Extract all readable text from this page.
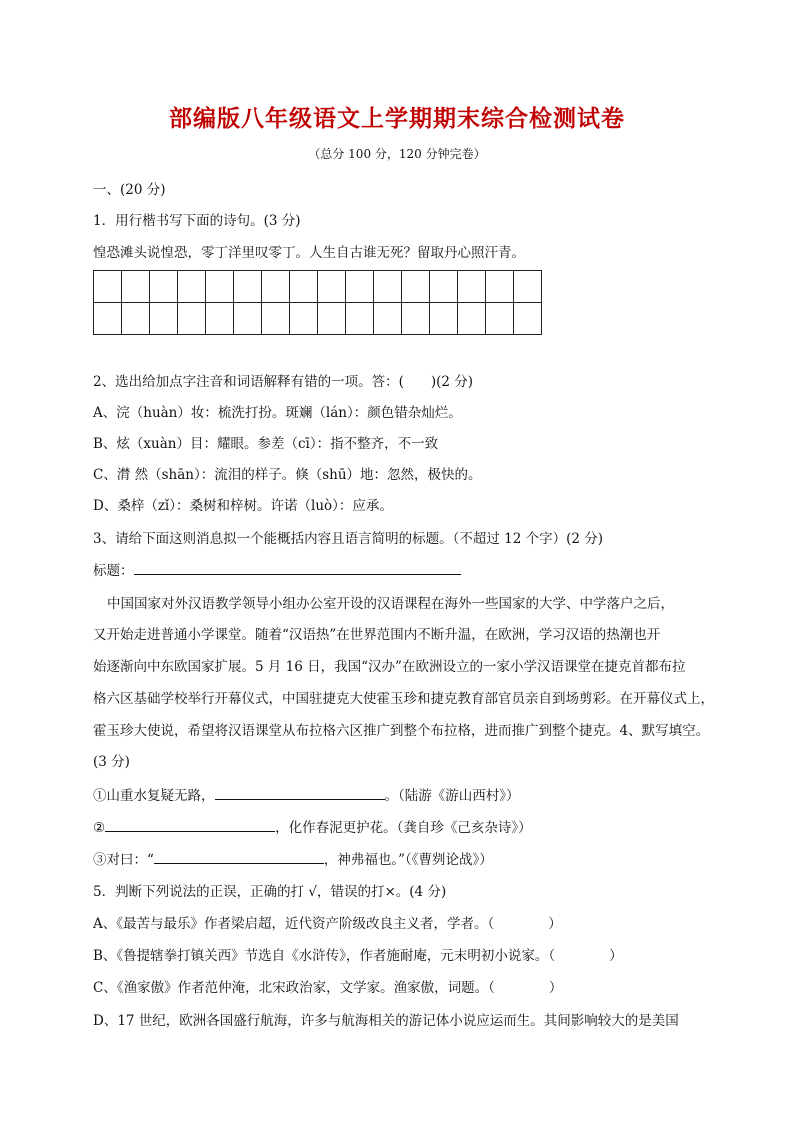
部编版八年级语文上学期期末综合检测试卷
（总分 100 分，120 分钟完卷）
一、(20 分)
1．用行楷书写下面的诗句。(3 分)
惶恐滩头说惶恐，零丁洋里叹零丁。人生自古谁无死？留取丹心照汗青。

2、选出给加点字注音和词语解释有错的一项。答：(　　)(2 分)
A、浣（huàn）妆：梳洗打扮。斑斓（lán）：颜色错杂灿烂。
B、炫（xuàn）目：耀眼。参差（cī）：指不整齐，不一致
C、潸 然（shān）：流泪的样子。倏（shū）地：忽然，极快的。
D、桑梓（zǐ）：桑树和梓树。许诺（luò）：应承。
3、请给下面这则消息拟一个能概括内容且语言简明的标题。（不超过 12 个字）(2 分)
标题：
中国国家对外汉语教学领导小组办公室开设的汉语课程在海外一些国家的大学、中学落户之后，
又开始走进普通小学课堂。随着“汉语热”在世界范围内不断升温，在欧洲，学习汉语的热潮也开
始逐渐向中东欧国家扩展。5 月 16 日，我国“汉办”在欧洲设立的一家小学汉语课堂在捷克首都布拉
格六区基础学校举行开幕仪式，中国驻捷克大使霍玉珍和捷克教育部官员亲自到场剪彩。在开幕仪式上，
霍玉珍大使说，希望将汉语课堂从布拉格六区推广到整个布拉格，进而推广到整个捷克。4、默写填空。
(3 分)
①山重水复疑无路，	。（陆游《游山西村》）
②	，化作春泥更护花。（龚自珍《己亥杂诗》）
③对曰：“	，神弗福也。”（《曹刿论战》）
5．判断下列说法的正误，正确的打 √，错误的打×。(4 分)
A、《最苦与最乐》作者梁启超，近代资产阶级改良主义者，学者。（　　　　）
B、《鲁提辖拳打镇关西》节选自《水浒传》，作者施耐庵，元末明初小说家。（　　　　）
C、《渔家傲》作者范仲淹，北宋政治家，文学家。渔家傲，词题。（　　　　）
D、17 世纪，欧洲各国盛行航海，许多与航海相关的游记体小说应运而生。其间影响较大的是美国
